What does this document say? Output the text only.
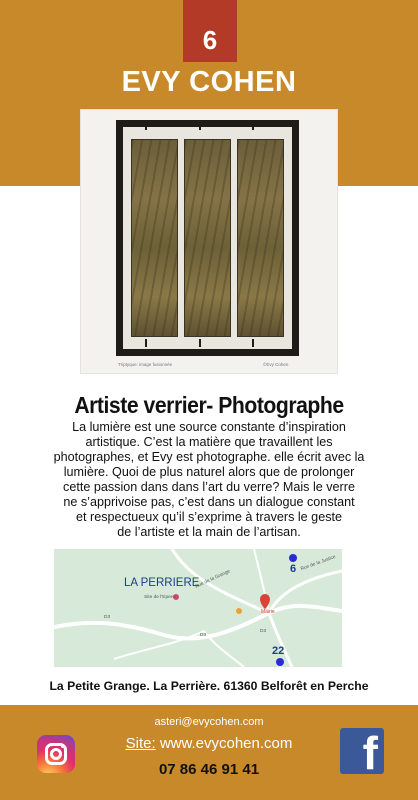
6
EVY COHEN
Triptyque: image fusionnée	©Evy Cohen
Artiste verrier- Photographe
La lumière est une source constante d’inspiration
artistique. C’est la matière que travaillent les
photographes, et Evy est photographe. elle écrit avec la
lumière. Quoi de plus naturel alors que de prolonger
cette passion dans dans l’art du verre? Mais le verre
ne s’apprivoise pas, c’est dans un dialogue constant
et respectueux qu’il s’exprime à travers le geste
de l’artiste et la main de l’artisan.
LA PERRIERE
6
22
Mairie
Site de l'Eperon
Rue de la Grange
Rue de la Justice
D3
D3
D3
La Petite Grange. La Perrière. 61360 Belforêt en Perche
asteri@evycohen.com
Site: www.evycohen.com
07 86 46 91 41	f
